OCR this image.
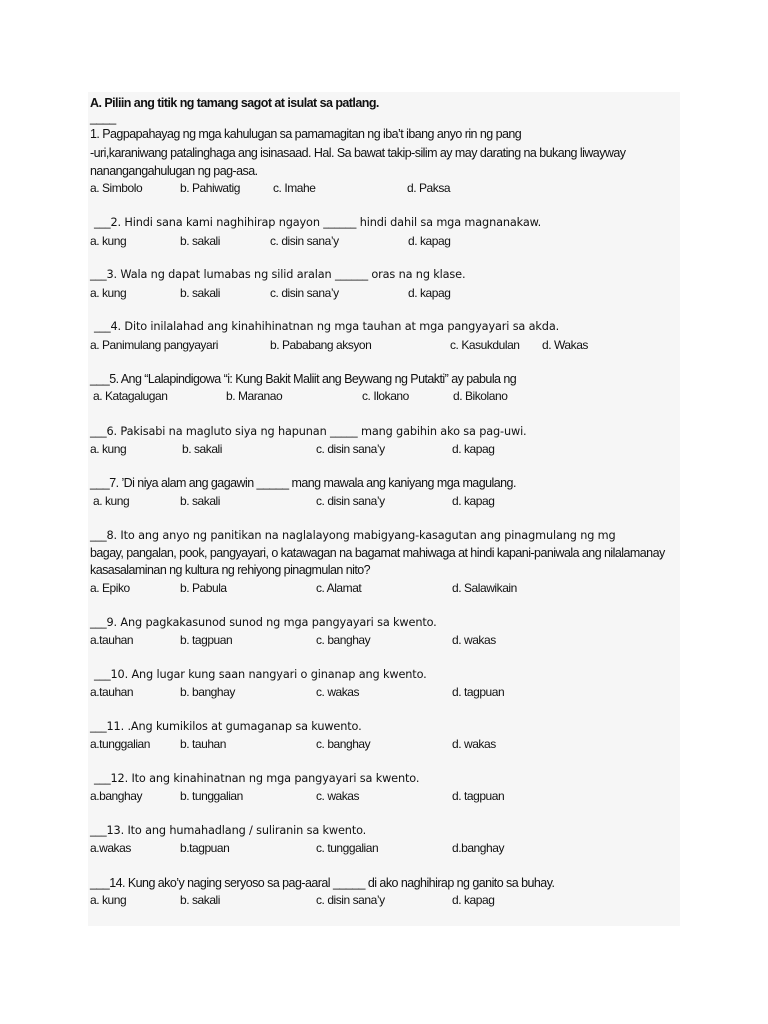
A. Piliin ang titik ng tamang sagot at isulat sa patlang.
____
1. Pagpapahayag ng mga kahulugan sa pamamagitan ng iba’t ibang anyo rin ng pang
-uri,karaniwang patalinghaga ang isinasaad. Hal. Sa bawat takip-silim ay may darating na bukang liwayway
nanangangahulugan ng pag-asa.
a. Simbolo	b. Pahiwatig	c. Imahe	d. Paksa
___2. Hindi sana kami naghihirap ngayon ______ hindi dahil sa mga magnanakaw.
a. kung	b. sakali	c. disin sana’y	d. kapag
___3. Wala ng dapat lumabas ng silid aralan ______ oras na ng klase.
a. kung	b. sakali	c. disin sana’y	d. kapag
___4. Dito inilalahad ang kinahihinatnan ng mga tauhan at mga pangyayari sa akda.
a. Panimulang pangyayari	b. Pababang aksyon	c. Kasukdulan d. Wakas
___5. Ang “Lalapindigowa “i: Kung Bakit Maliit ang Beywang ng Putakti” ay pabula ng
a. Katagalugan	b. Maranao	c. Ilokano	d. Bikolano
___6. Pakisabi na magluto siya ng hapunan _____ mang gabihin ako sa pag-uwi.
a. kung	b. sakali	c. disin sana’y	d. kapag
___7. ’Di niya alam ang gagawin _____ mang mawala ang kaniyang mga magulang.
a. kung	b. sakali	c. disin sana’y	d. kapag
___8. Ito ang anyo ng panitikan na naglalayong mabigyang-kasagutan ang pinagmulang ng mg
bagay, pangalan, pook, pangyayari, o katawagan na bagamat mahiwaga at hindi kapani-paniwala ang nilalamanay
kasasalaminan ng kultura ng rehiyong pinagmulan nito?
a. Epiko	b. Pabula	c. Alamat	d. Salawikain
___9. Ang pagkakasunod sunod ng mga pangyayari sa kwento.
a.tauhan	b. tagpuan	c. banghay	d. wakas
___10. Ang lugar kung saan nangyari o ginanap ang kwento.
a.tauhan	b. banghay	c. wakas	d. tagpuan
___11. .Ang kumikilos at gumaganap sa kuwento.
a.tunggalian	b. tauhan	c. banghay	d. wakas
___12. Ito ang kinahinatnan ng mga pangyayari sa kwento.
a.banghay	b. tunggalian	c. wakas	d. tagpuan
___13. Ito ang humahadlang / suliranin sa kwento.
a.wakas	b.tagpuan	c. tunggalian	d.banghay
___14. Kung ako’y naging seryoso sa pag-aaral _____ di ako naghihirap ng ganito sa buhay.
a. kung	b. sakali	c. disin sana’y	d. kapag
